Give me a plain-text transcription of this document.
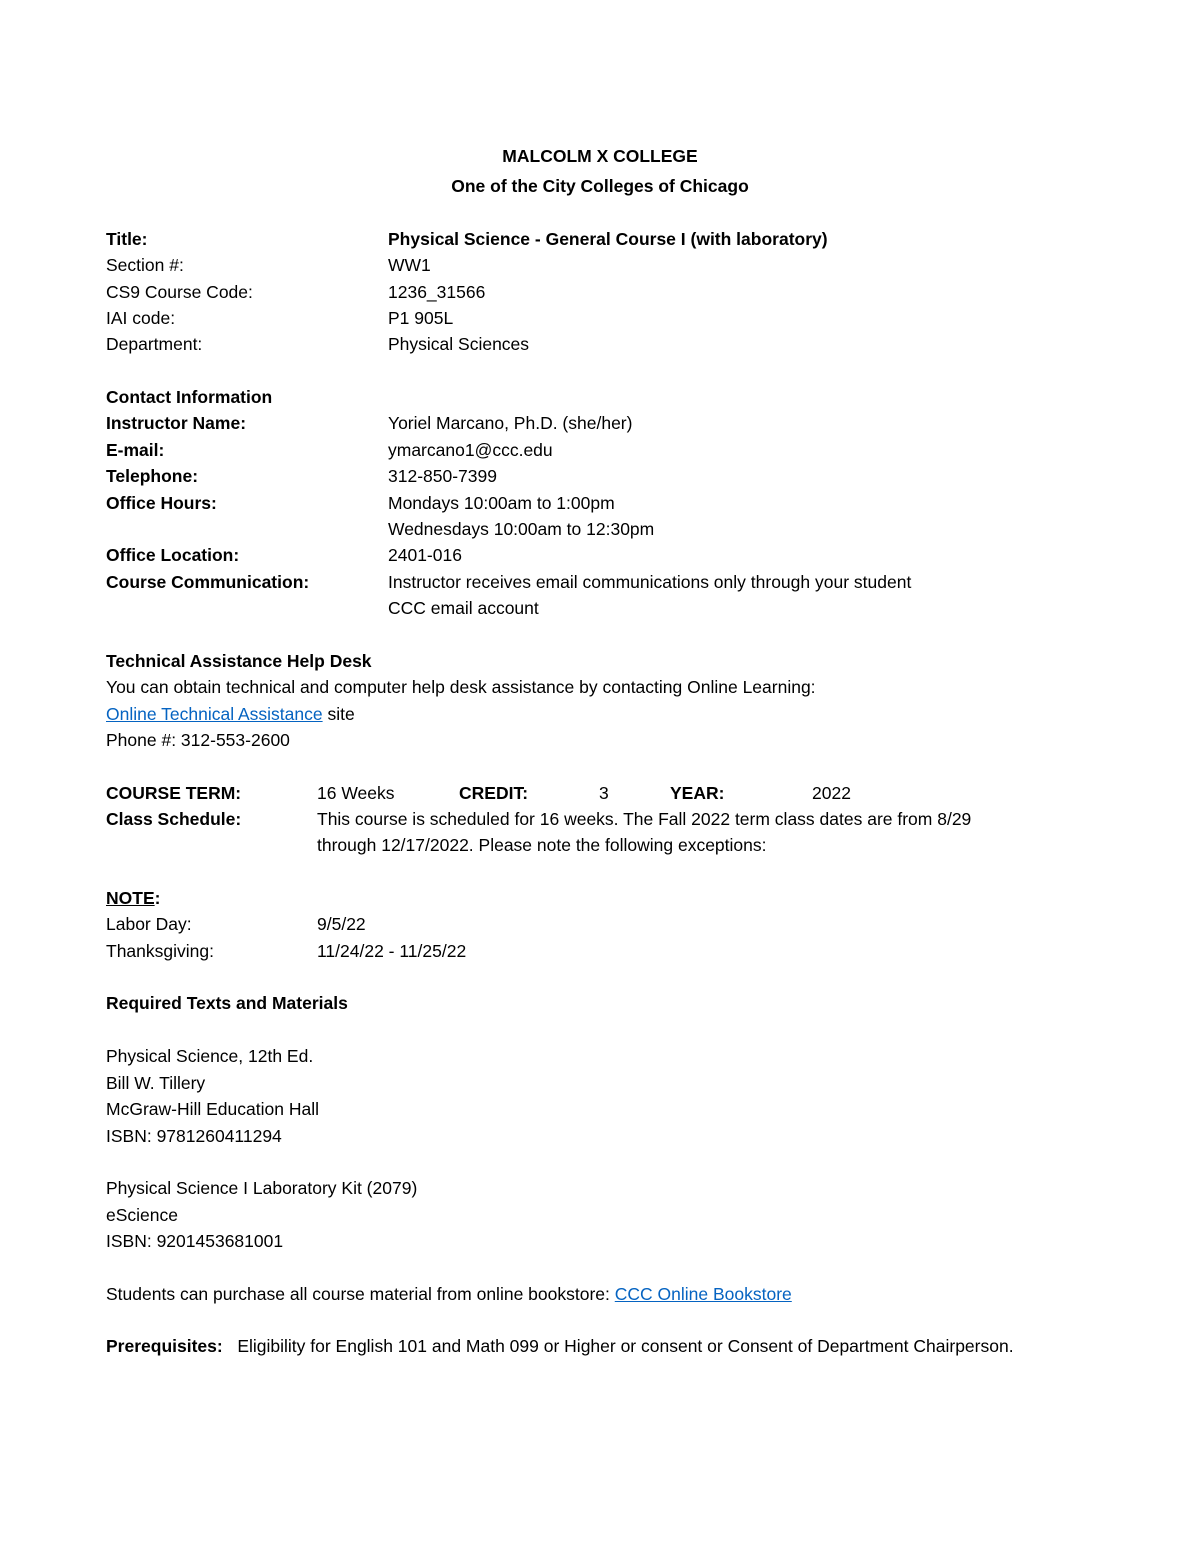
MALCOLM X COLLEGE
One of the City Colleges of Chicago
Title:	Physical Science - General Course I (with laboratory)
Section #:	WW1
CS9 Course Code:	1236_31566
IAI code:	P1 905L
Department:	Physical Sciences
Contact Information
Instructor Name:	Yoriel Marcano, Ph.D. (she/her)
E-mail:	ymarcano1@ccc.edu
Telephone:	312-850-7399
Office Hours:	Mondays 10:00am to 1:00pm
Wednesdays 10:00am to 12:30pm
Office Location:	2401-016
Course Communication:	Instructor receives email communications only through your student
CCC email account
Technical Assistance Help Desk
You can obtain technical and computer help desk assistance by contacting Online Learning:
Online Technical Assistance site
Phone #: 312-553-2600
COURSE TERM:	16 Weeks	CREDIT:	3	YEAR:	2022
Class Schedule:	This course is scheduled for 16 weeks. The Fall 2022 term class dates are from 8/29
through 12/17/2022. Please note the following exceptions:
NOTE:
Labor Day:	9/5/22
Thanksgiving:	11/24/22 - 11/25/22
Required Texts and Materials
Physical Science, 12th Ed.
Bill W. Tillery
McGraw-Hill Education Hall
ISBN: 9781260411294
Physical Science I Laboratory Kit (2079)
eScience
ISBN: 9201453681001
Students can purchase all course material from online bookstore: CCC Online Bookstore
Prerequisites: Eligibility for English 101 and Math 099 or Higher or consent or Consent of Department Chairperson.
